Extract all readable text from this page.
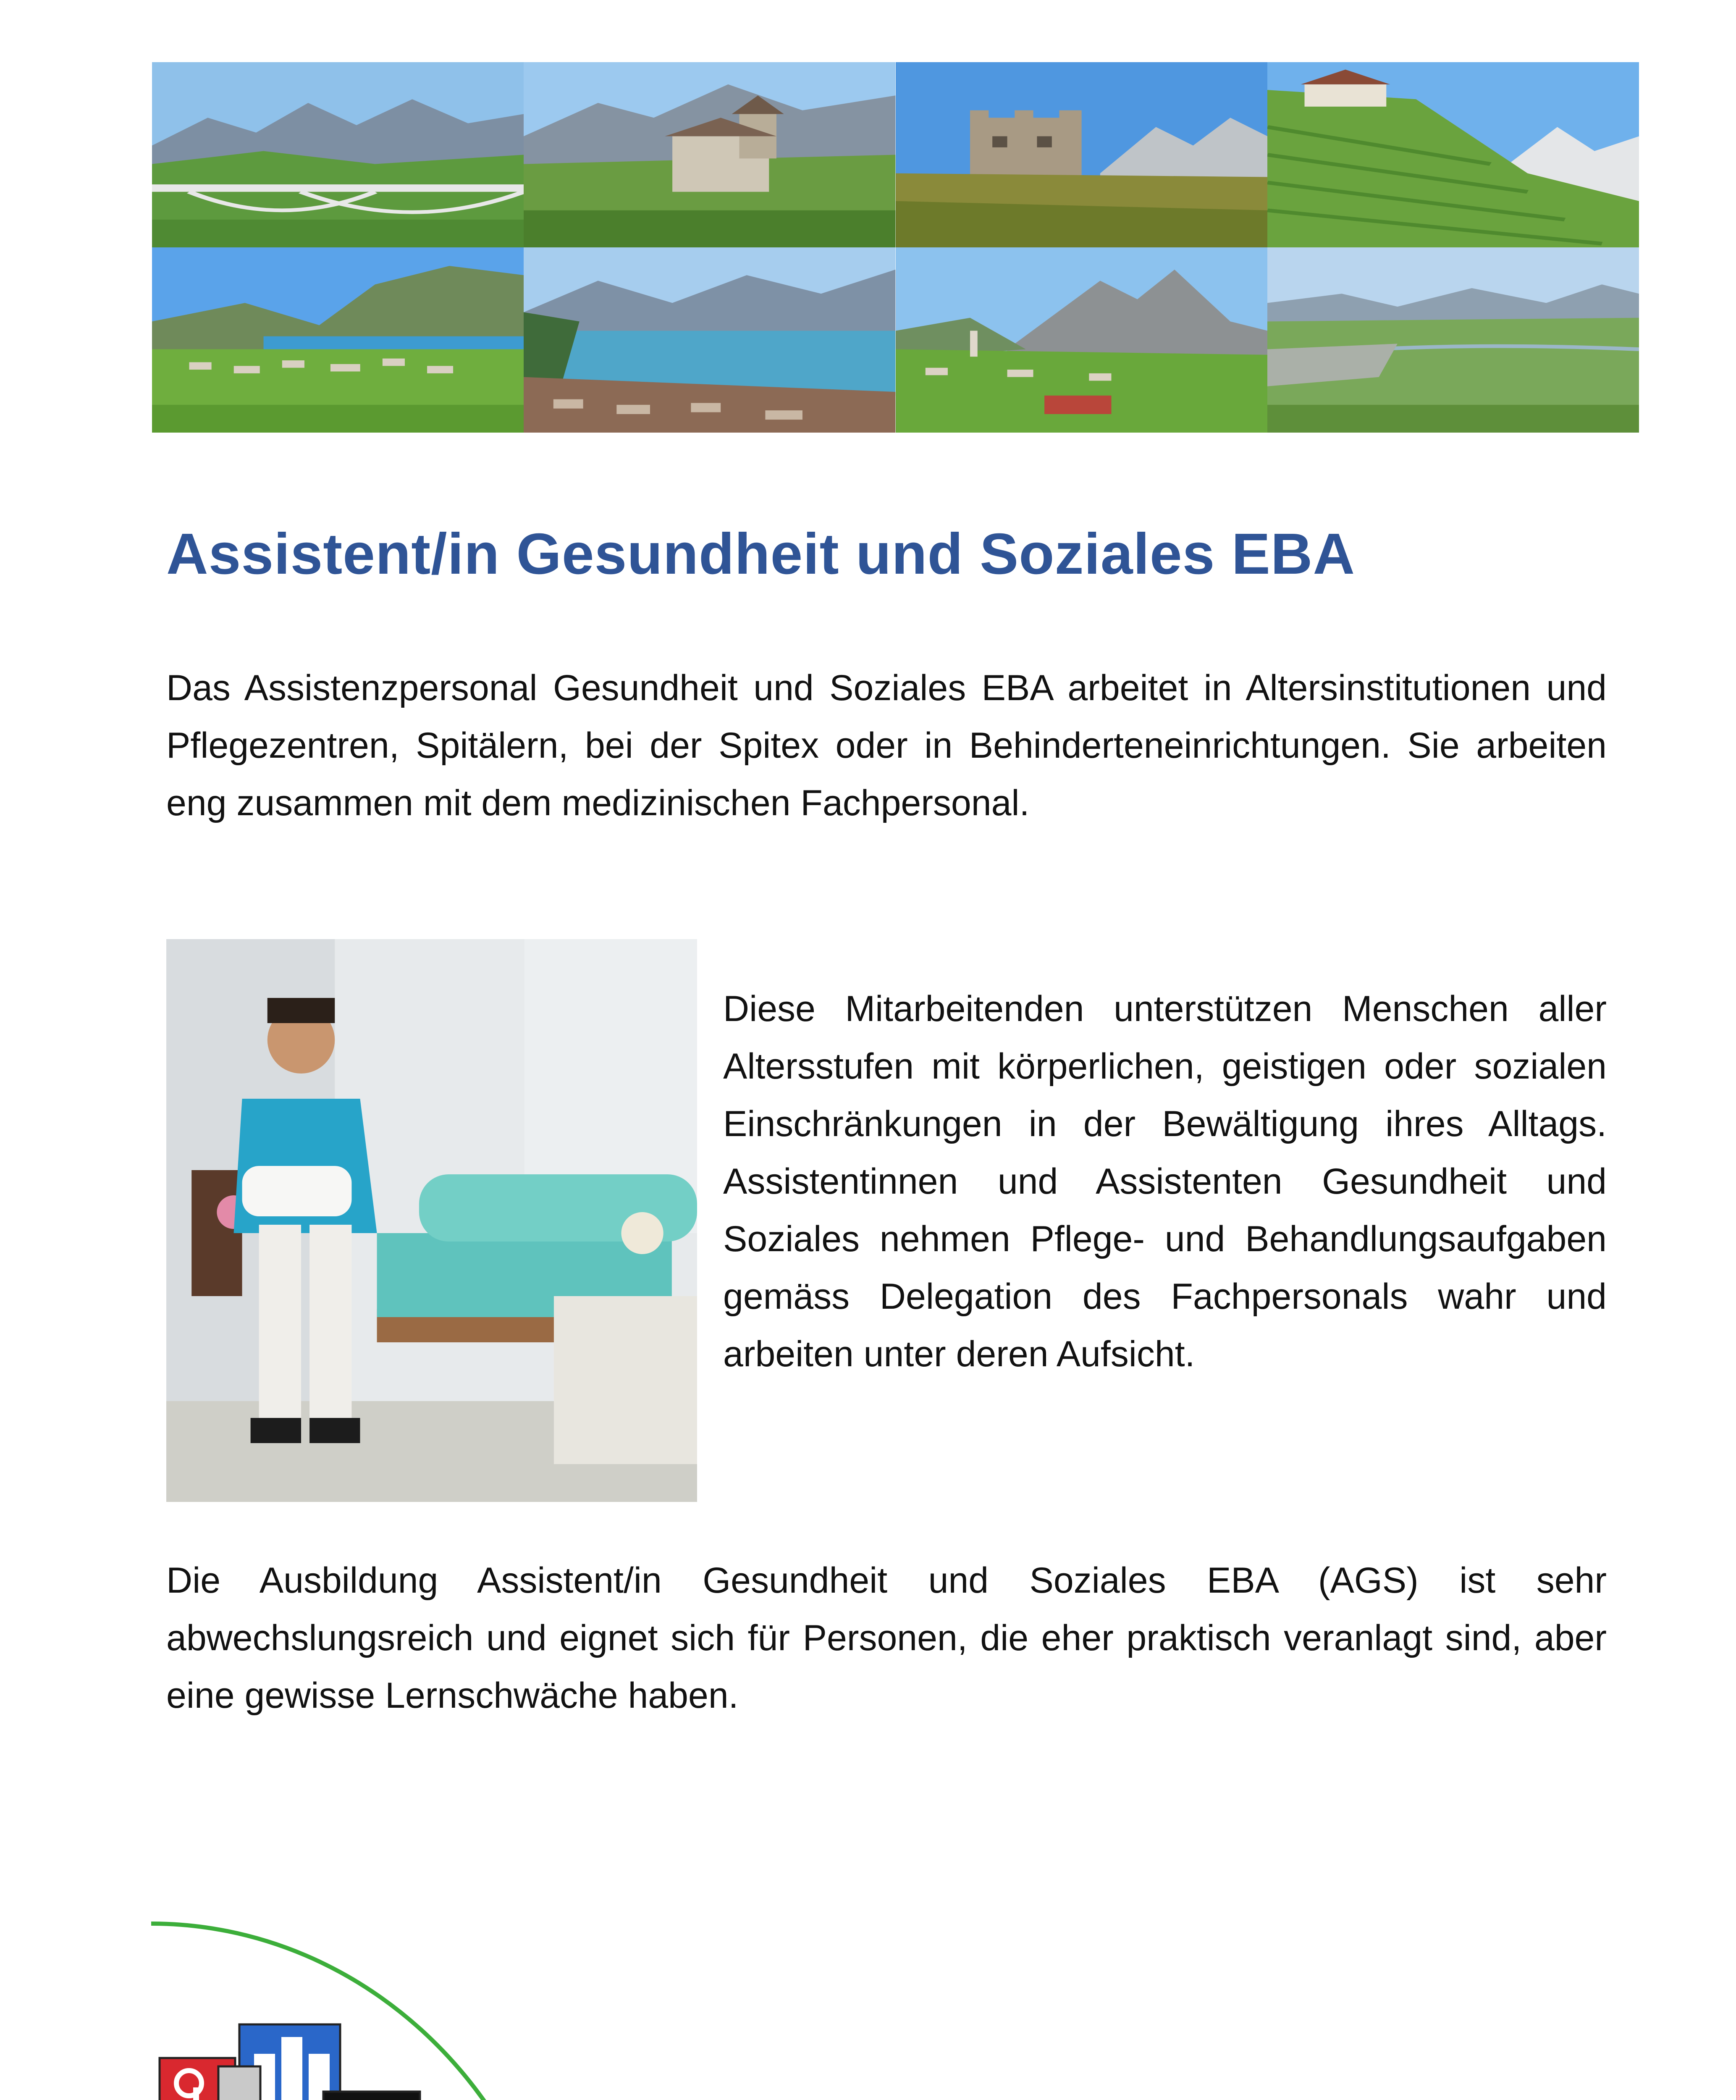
Assistent/in Gesundheit und Soziales EBA

Das Assistenzpersonal Gesundheit und Soziales EBA arbeitet in Altersinstitutionen und Pflegezentren, Spitälern, bei der Spitex oder in Behinderteneinrichtungen. Sie arbeiten eng zusammen mit dem medizinischen Fachpersonal.

Diese Mitarbeitenden unterstützen Menschen aller Altersstufen mit körperlichen, geistigen oder sozialen Einschränkungen in der Bewältigung ihres Alltags. Assistentinnen und Assistenten Gesundheit und Soziales nehmen Pflege- und Behandlungsaufgaben gemäss Delegation des Fachpersonals wahr und arbeiten unter deren Aufsicht.

Die Ausbildung Assistent/in Gesundheit und Soziales EBA (AGS) ist sehr abwechslungsreich und eignet sich für Personen, die eher praktisch veranlagt sind, aber eine gewisse Lernschwäche haben.
